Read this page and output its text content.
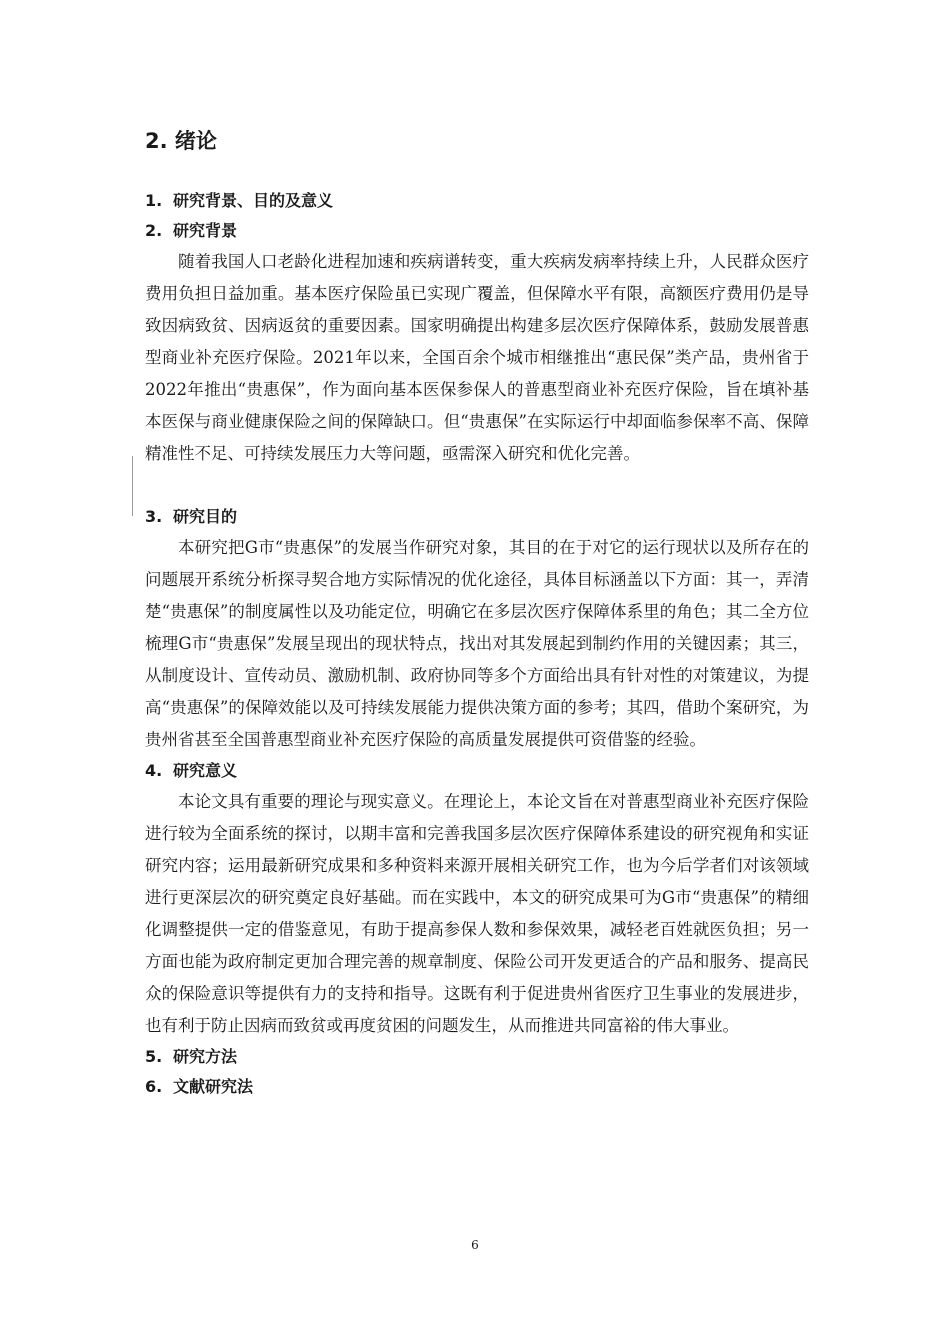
2. 绪论
1. 研究背景、目的及意义
2. 研究背景

随着我国人口老龄化进程加速和疾病谱转变，重大疾病发病率持续上升，人民群众医疗费用负担日益加重。基本医疗保险虽已实现广覆盖，但保障水平有限，高额医疗费用仍是导致因病致贫、因病返贫的重要因素。国家明确提出构建多层次医疗保障体系，鼓励发展普惠型商业补充医疗保险。2021年以来，全国百余个城市相继推出“惠民保”类产品，贵州省于2022年推出“贵惠保”，作为面向基本医保参保人的普惠型商业补充医疗保险，旨在填补基本医保与商业健康保险之间的保障缺口。但“贵惠保”在实际运行中却面临参保率不高、保障精准性不足、可持续发展压力大等问题，亟需深入研究和优化完善。

3. 研究目的

本研究把G市“贵惠保”的发展当作研究对象，其目的在于对它的运行现状以及所存在的问题展开系统分析探寻契合地方实际情况的优化途径，具体目标涵盖以下方面：其一，弄清楚“贵惠保”的制度属性以及功能定位，明确它在多层次医疗保障体系里的角色；其二全方位梳理G市“贵惠保”发展呈现出的现状特点，找出对其发展起到制约作用的关键因素；其三，从制度设计、宣传动员、激励机制、政府协同等多个方面给出具有针对性的对策建议，为提高“贵惠保”的保障效能以及可持续发展能力提供决策方面的参考；其四，借助个案研究，为贵州省甚至全国普惠型商业补充医疗保险的高质量发展提供可资借鉴的经验。

4. 研究意义

本论文具有重要的理论与现实意义。在理论上，本论文旨在对普惠型商业补充医疗保险进行较为全面系统的探讨，以期丰富和完善我国多层次医疗保障体系建设的研究视角和实证研究内容；运用最新研究成果和多种资料来源开展相关研究工作，也为今后学者们对该领域进行更深层次的研究奠定良好基础。而在实践中，本文的研究成果可为G市“贵惠保”的精细化调整提供一定的借鉴意见，有助于提高参保人数和参保效果，减轻老百姓就医负担；另一方面也能为政府制定更加合理完善的规章制度、保险公司开发更适合的产品和服务、提高民众的保险意识等提供有力的支持和指导。这既有利于促进贵州省医疗卫生事业的发展进步，也有利于防止因病而致贫或再度贫困的问题发生，从而推进共同富裕的伟大事业。

5. 研究方法
6. 文献研究法
6
